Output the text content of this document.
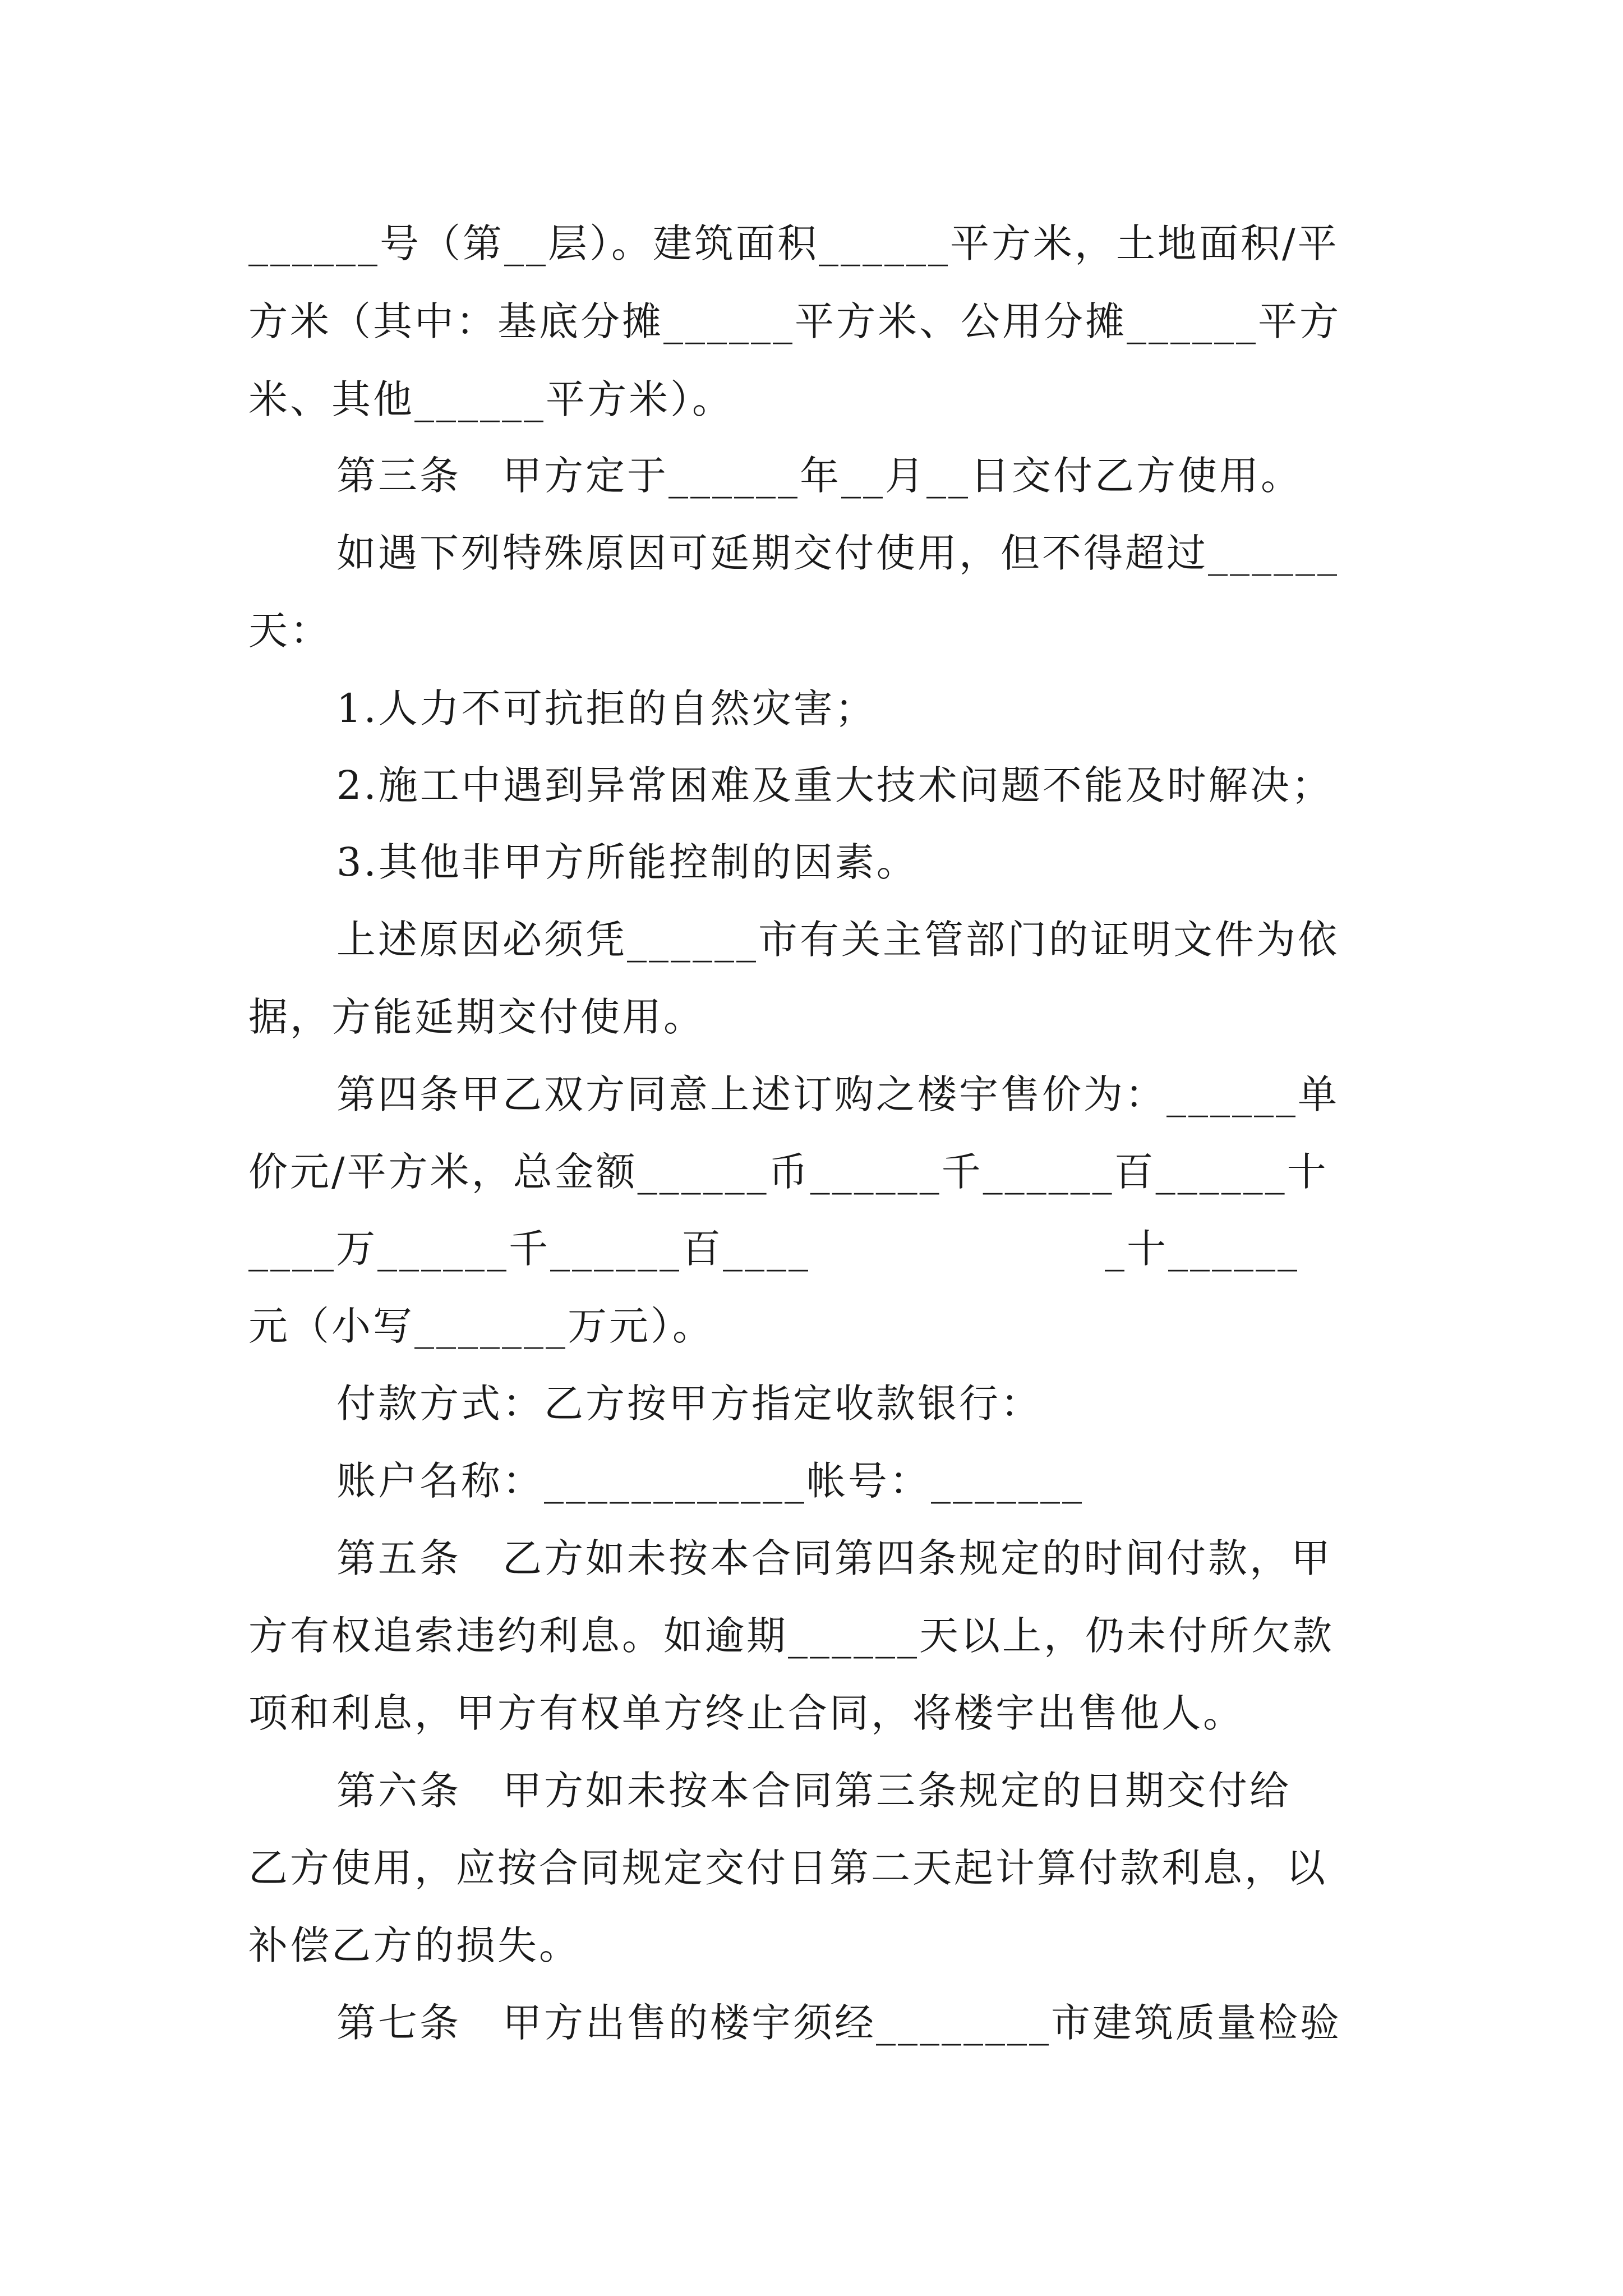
______号（第__层）。建筑面积______平方米，土地面积/平

方米（其中：基底分摊______平方米、公用分摊______平方

米、其他______平方米）。

第三条　甲方定于______年__月__日交付乙方使用。

如遇下列特殊原因可延期交付使用，但不得超过______

天：

1.人力不可抗拒的自然灾害；

2.施工中遇到异常困难及重大技术问题不能及时解决；

3.其他非甲方所能控制的因素。

上述原因必须凭______市有关主管部门的证明文件为依

据，方能延期交付使用。

第四条甲乙双方同意上述订购之楼宇售价为：______单

价元/平方米，总金额______币______千______百______十

____万______千______百____                    _十______

元（小写_______万元）。

付款方式：乙方按甲方指定收款银行：

账户名称：____________帐号：_______

第五条　乙方如未按本合同第四条规定的时间付款，甲

方有权追索违约利息。如逾期______天以上，仍未付所欠款

项和利息，甲方有权单方终止合同，将楼宇出售他人。

第六条　甲方如未按本合同第三条规定的日期交付给

乙方使用，应按合同规定交付日第二天起计算付款利息，以

补偿乙方的损失。

第七条　甲方出售的楼宇须经________市建筑质量检验
